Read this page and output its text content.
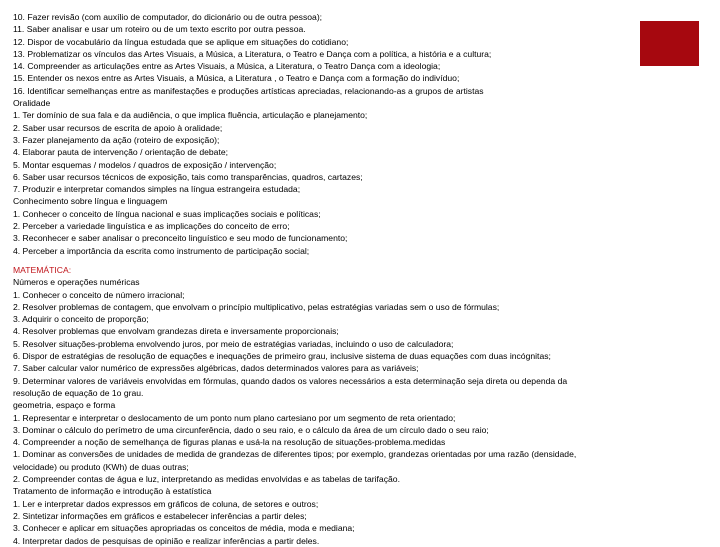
10. Fazer revisão (com auxílio de computador, do dicionário ou de outra pessoa);
11. Saber analisar e usar um roteiro ou de um texto escrito por outra pessoa.
12. Dispor de vocabulário da língua estudada que se aplique em situações do cotidiano;
13. Problematizar os vínculos das Artes Visuais, a Música, a Literatura, o Teatro e Dança com a política, a história e a cultura;
14. Compreender as articulações entre as Artes Visuais, a Música, a Literatura, o Teatro Dança com a ideologia;
15. Entender os nexos entre as Artes Visuais, a Música, a Literatura , o Teatro e Dança com a formação do indivíduo;
16. Identificar semelhanças entre as manifestações e produções artísticas apreciadas, relacionando-as a grupos de artistas
Oralidade
1. Ter domínio de sua fala e da audiência, o que implica fluência, articulação e planejamento;
2. Saber usar recursos de escrita de apoio à oralidade;
3. Fazer planejamento da ação (roteiro de exposição);
4. Elaborar pauta de intervenção / orientação de debate;
5. Montar esquemas / modelos / quadros de exposição / intervenção;
6. Saber usar recursos técnicos de exposição, tais como transparências, quadros, cartazes;
7. Produzir e interpretar comandos simples na língua estrangeira estudada;
Conhecimento sobre língua e linguagem
1. Conhecer o conceito de língua nacional e suas implicações sociais e políticas;
2. Perceber a variedade linguística e as implicações do conceito de erro;
3. Reconhecer e saber analisar o preconceito linguístico e seu modo de funcionamento;
4. Perceber a importância da escrita como instrumento de participação social;
MATEMÁTICA:
Números e operações numéricas
1. Conhecer o conceito de número irracional;
2. Resolver problemas de contagem, que envolvam o princípio multiplicativo, pelas estratégias variadas sem o uso de fórmulas;
3. Adquirir o conceito de proporção;
4. Resolver problemas que envolvam grandezas direta e inversamente proporcionais;
5. Resolver situações-problema envolvendo juros, por meio de estratégias variadas, incluindo o uso de calculadora;
6. Dispor de estratégias de resolução de equações e inequações de primeiro grau, inclusive sistema de duas equações com duas incógnitas;
7. Saber calcular valor numérico de expressões algébricas, dados determinados valores para as variáveis;
9. Determinar valores de variáveis envolvidas em fórmulas, quando dados os valores necessários a esta determinação seja direta ou dependa da
resolução de equação de 1o grau.
geometria, espaço e forma
1. Representar e interpretar o deslocamento de um ponto num plano cartesiano por um segmento de reta orientado;
3. Dominar o cálculo do perímetro de uma circunferência, dado o seu raio, e o cálculo da área de um círculo dado o seu raio;
4. Compreender a noção de semelhança de figuras planas e usá-la na resolução de situações-problema.medidas
1. Dominar as conversões de unidades de medida de grandezas de diferentes tipos; por exemplo, grandezas orientadas por uma razão (densidade,
velocidade) ou produto (KWh) de duas outras;
2. Compreender contas de água e luz, interpretando as medidas envolvidas e as tabelas de tarifação.
Tratamento de informação e introdução à estatística
1. Ler e interpretar dados expressos em gráficos de coluna, de setores e outros;
2. Sintetizar informações em gráficos e estabelecer inferências a partir deles;
3. Conhecer e aplicar em situações apropriadas os conceitos de média, moda e mediana;
4. Interpretar dados de pesquisas de opinião e realizar inferências a partir deles.
